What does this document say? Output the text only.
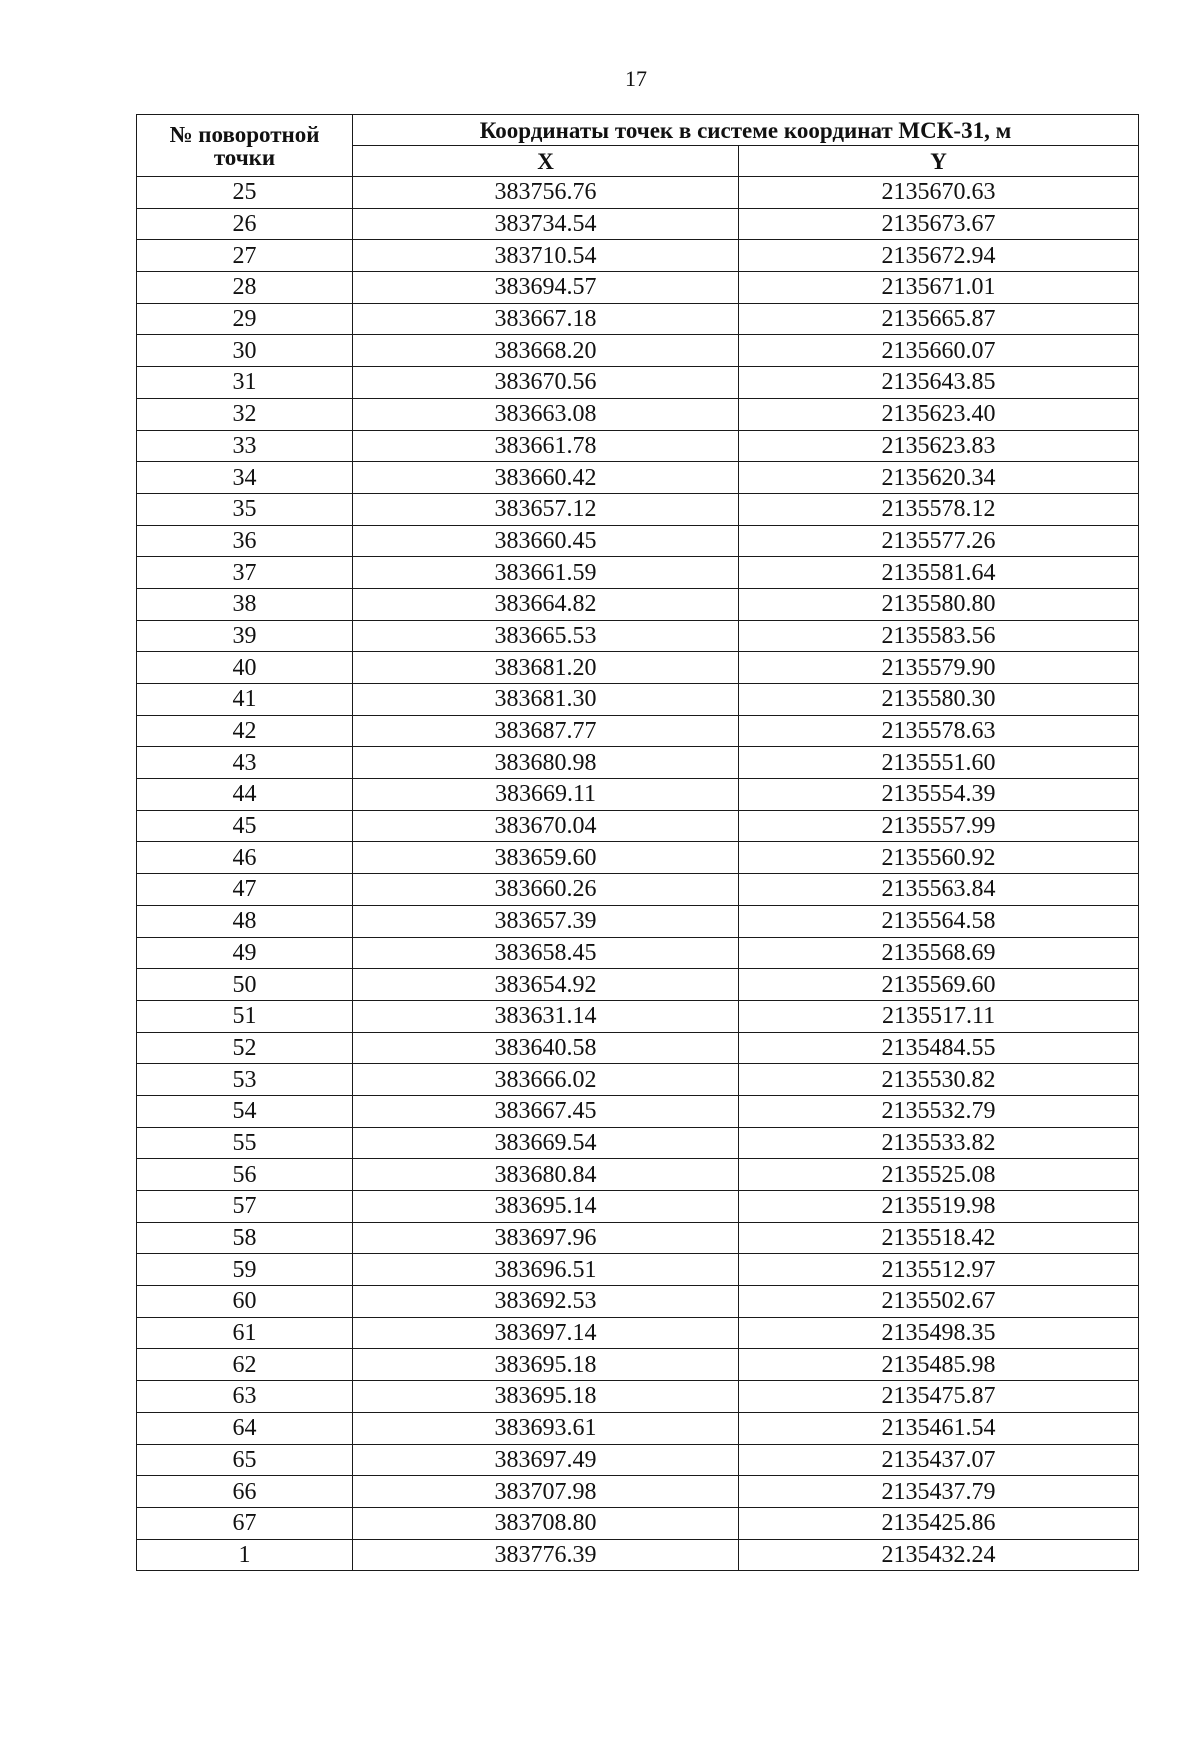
17
№ поворотной
точки	Координаты точек в системе координат МСК-31, м	
	X	Y
25	383756.76	2135670.63
26	383734.54	2135673.67
27	383710.54	2135672.94
28	383694.57	2135671.01
29	383667.18	2135665.87
30	383668.20	2135660.07
31	383670.56	2135643.85
32	383663.08	2135623.40
33	383661.78	2135623.83
34	383660.42	2135620.34
35	383657.12	2135578.12
36	383660.45	2135577.26
37	383661.59	2135581.64
38	383664.82	2135580.80
39	383665.53	2135583.56
40	383681.20	2135579.90
41	383681.30	2135580.30
42	383687.77	2135578.63
43	383680.98	2135551.60
44	383669.11	2135554.39
45	383670.04	2135557.99
46	383659.60	2135560.92
47	383660.26	2135563.84
48	383657.39	2135564.58
49	383658.45	2135568.69
50	383654.92	2135569.60
51	383631.14	2135517.11
52	383640.58	2135484.55
53	383666.02	2135530.82
54	383667.45	2135532.79
55	383669.54	2135533.82
56	383680.84	2135525.08
57	383695.14	2135519.98
58	383697.96	2135518.42
59	383696.51	2135512.97
60	383692.53	2135502.67
61	383697.14	2135498.35
62	383695.18	2135485.98
63	383695.18	2135475.87
64	383693.61	2135461.54
65	383697.49	2135437.07
66	383707.98	2135437.79
67	383708.80	2135425.86
1	383776.39	2135432.24
